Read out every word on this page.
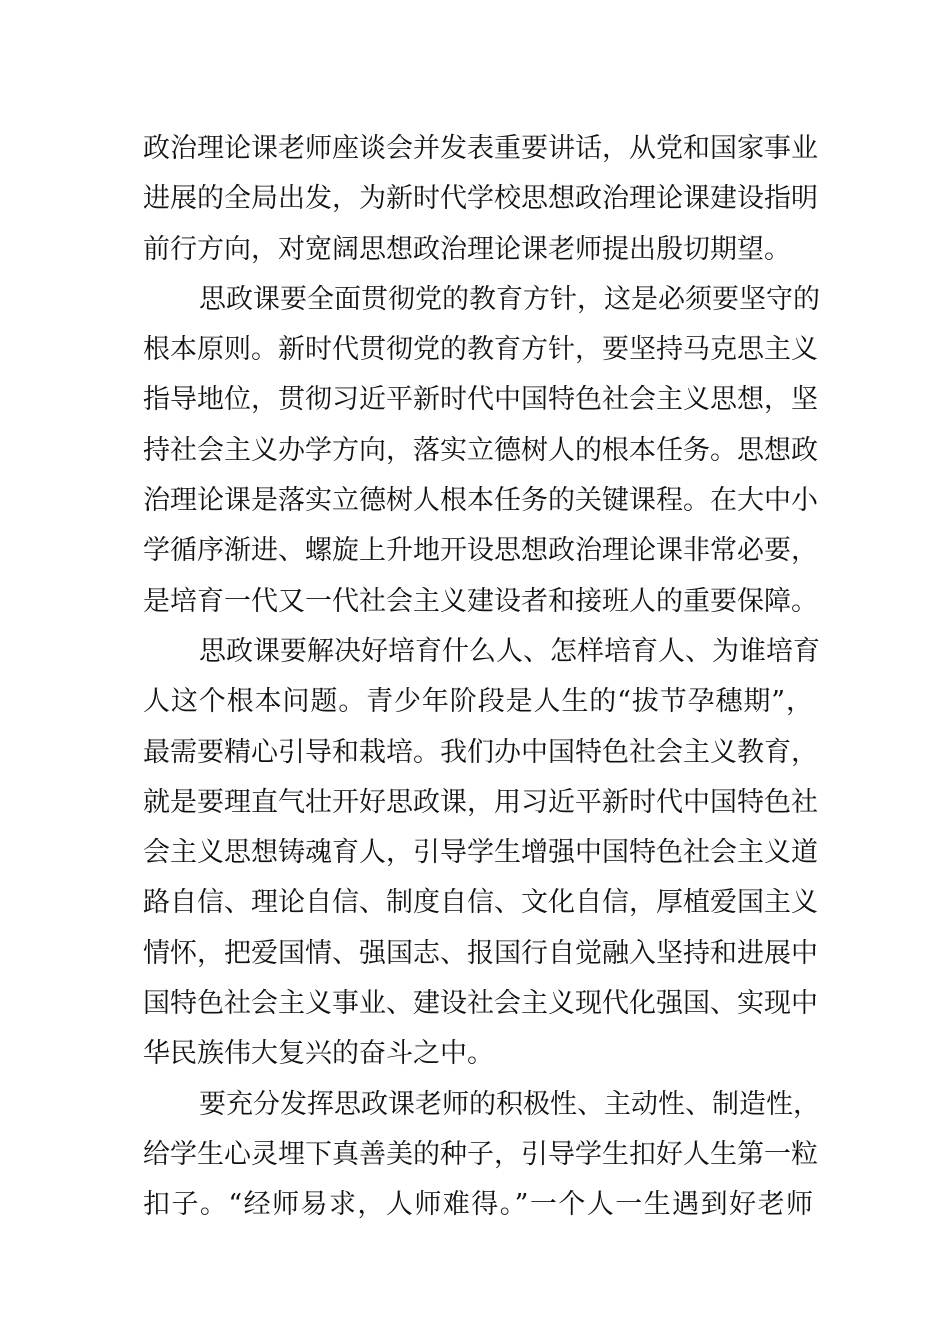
政治理论课老师座谈会并发表重要讲话，从党和国家事业
进展的全局出发，为新时代学校思想政治理论课建设指明
前行方向，对宽阔思想政治理论课老师提出殷切期望。
思政课要全面贯彻党的教育方针，这是必须要坚守的
根本原则。新时代贯彻党的教育方针，要坚持马克思主义
指导地位，贯彻习近平新时代中国特色社会主义思想，坚
持社会主义办学方向，落实立德树人的根本任务。思想政
治理论课是落实立德树人根本任务的关键课程。在大中小
学循序渐进、螺旋上升地开设思想政治理论课非常必要，
是培育一代又一代社会主义建设者和接班人的重要保障。
思政课要解决好培育什么人、怎样培育人、为谁培育
人这个根本问题。青少年阶段是人生的“拔节孕穗期”，
最需要精心引导和栽培。我们办中国特色社会主义教育，
就是要理直气壮开好思政课，用习近平新时代中国特色社
会主义思想铸魂育人，引导学生增强中国特色社会主义道
路自信、理论自信、制度自信、文化自信，厚植爱国主义
情怀，把爱国情、强国志、报国行自觉融入坚持和进展中
国特色社会主义事业、建设社会主义现代化强国、实现中
华民族伟大复兴的奋斗之中。
要充分发挥思政课老师的积极性、主动性、制造性，
给学生心灵埋下真善美的种子，引导学生扣好人生第一粒
扣子。“经师易求，人师难得。”一个人一生遇到好老师
